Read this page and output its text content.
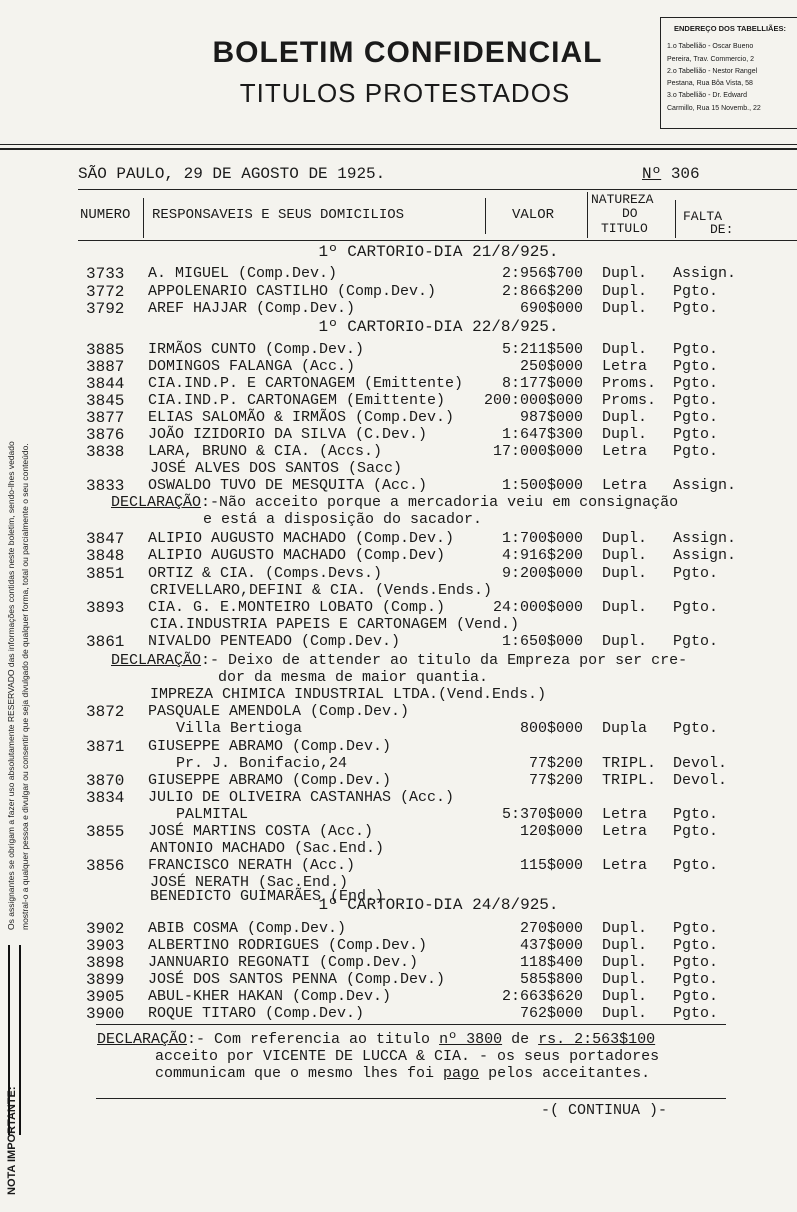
BOLETIM CONFIDENCIAL
TITULOS PROTESTADOS
ENDEREÇO DOS TABELLIÃES:
1.o Tabellião - Oscar Bueno
Pereira, Trav. Commercio, 2
2.o Tabellião - Nestor Rangel
Pestana, Rua Bôa Vista, 58
3.o Tabellião - Dr. Edward
Carmillo, Rua 15 Novemb., 22
NOTA IMPORTANTE:
Os assignantes se obrigam a fazer uso absolutamente RESERVADO das informações contidas neste boletim, sendo-lhes vedado mostral-o a qualquer pessoa e divulgar ou consentir que seja divulgado de qualquer forma, total ou parcialmente o seu conteúdo.
SÃO PAULO, 29 DE AGOSTO DE 1925.	Nº 306
NUMERO RESPONSAVEIS E SEUS DOMICILIOS	VALOR
NATUREZA
DO
TITULO
FALTA
DE:
1º CARTORIO-DIA 21/8/925.
1º CARTORIO-DIA 22/8/925.
1º CARTORIO-DIA 24/8/925.
3733 A. MIGUEL (Comp.Dev.)	2:956$700 Dupl. Assign.
3772 APPOLENARIO CASTILHO (Comp.Dev.)	2:866$200 Dupl. Pgto.
3792 AREF HAJJAR (Comp.Dev.)	690$000 Dupl. Pgto.
3885 IRMÃOS CUNTO (Comp.Dev.)	5:211$500 Dupl. Pgto.
3887 DOMINGOS FALANGA (Acc.)	250$000 Letra Pgto.
3844 CIA.IND.P. E CARTONAGEM (Emittente)	8:177$000 Proms. Pgto.
3845 CIA.IND.P. CARTONAGEM (Emittente)	200:000$000 Proms. Pgto.
3877 ELIAS SALOMÃO & IRMÃOS (Comp.Dev.)	987$000 Dupl. Pgto.
3876 JOÃO IZIDORIO DA SILVA (C.Dev.)	1:647$300 Dupl. Pgto.
3838 LARA, BRUNO & CIA. (Accs.)	17:000$000 Letra Pgto.
JOSÉ ALVES DOS SANTOS (Sacc)
3833 OSWALDO TUVO DE MESQUITA (Acc.)	1:500$000 Letra Assign.
DECLARAÇÃO:-Não acceito porque a mercadoria veiu em consignação
e está a disposição do sacador.
3847 ALIPIO AUGUSTO MACHADO (Comp.Dev.)	1:700$000 Dupl. Assign.
3848 ALIPIO AUGUSTO MACHADO (Comp.Dev)	4:916$200 Dupl. Assign.
3851 ORTIZ & CIA. (Comps.Devs.)	9:200$000 Dupl. Pgto.
CRIVELLARO,DEFINI & CIA. (Vends.Ends.)
3893 CIA. G. E.MONTEIRO LOBATO (Comp.)	24:000$000 Dupl. Pgto.
CIA.INDUSTRIA PAPEIS E CARTONAGEM (Vend.)
3861 NIVALDO PENTEADO (Comp.Dev.)	1:650$000 Dupl. Pgto.
DECLARAÇÃO:- Deixo de attender ao titulo da Empreza por ser cre-
dor da mesma de maior quantia.
IMPREZA CHIMICA INDUSTRIAL LTDA.(Vend.Ends.)
3872 PASQUALE AMENDOLA (Comp.Dev.)
Villa Bertioga	800$000 Dupla Pgto.
3871 GIUSEPPE ABRAMO (Comp.Dev.)
Pr. J. Bonifacio,24	77$200 TRIPL. Devol.
3870 GIUSEPPE ABRAMO (Comp.Dev.)	77$200 TRIPL. Devol.
3834 JULIO DE OLIVEIRA CASTANHAS (Acc.)
PALMITAL	5:370$000 Letra Pgto.
3855 JOSÉ MARTINS COSTA (Acc.)	120$000 Letra Pgto.
ANTONIO MACHADO (Sac.End.)
3856 FRANCISCO NERATH (Acc.)	115$000 Letra Pgto.
JOSÉ NERATH (Sac.End.)
BENEDICTO GUIMARÃES (End.)
3902 ABIB COSMA (Comp.Dev.)	270$000 Dupl. Pgto.
3903 ALBERTINO RODRIGUES (Comp.Dev.)	437$000 Dupl. Pgto.
3898 JANNUARIO REGONATI (Comp.Dev.)	118$400 Dupl. Pgto.
3899 JOSÉ DOS SANTOS PENNA (Comp.Dev.)	585$800 Dupl. Pgto.
3905 ABUL-KHER HAKAN (Comp.Dev.)	2:663$620 Dupl. Pgto.
3900 ROQUE TITARO (Comp.Dev.)	762$000 Dupl. Pgto.
DECLARAÇÃO:- Com referencia ao titulo nº 3800 de rs. 2:563$100
acceito por VICENTE DE LUCCA & CIA. - os seus portadores
communicam que o mesmo lhes foi pago pelos acceitantes.
-( CONTINUA )-
